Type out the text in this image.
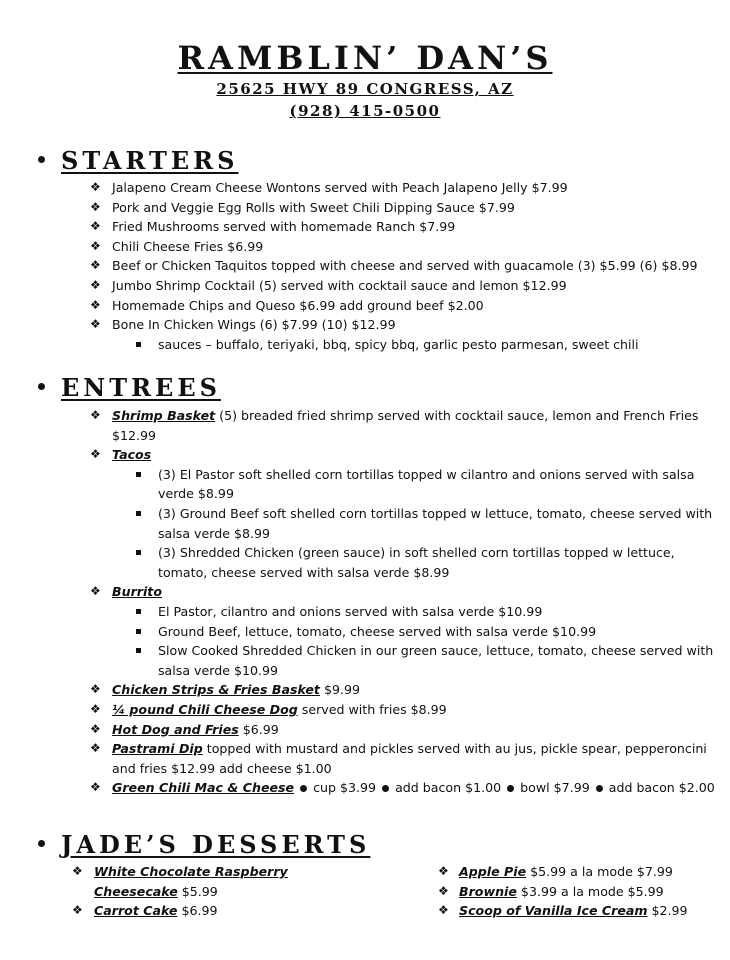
RAMBLIN’ DAN’S
25625 HWY 89 CONGRESS, AZ
(928) 415-0500
STARTERS
❖ Jalapeno Cream Cheese Wontons served with Peach Jalapeno Jelly $7.99
❖ Pork and Veggie Egg Rolls with Sweet Chili Dipping Sauce $7.99
❖ Fried Mushrooms served with homemade Ranch $7.99
❖ Chili Cheese Fries $6.99
❖ Beef or Chicken Taquitos topped with cheese and served with guacamole (3) $5.99 (6) $8.99
❖ Jumbo Shrimp Cocktail (5) served with cocktail sauce and lemon $12.99
❖ Homemade Chips and Queso $6.99 add ground beef $2.00
❖ Bone In Chicken Wings (6) $7.99 (10) $12.99
sauces – buffalo, teriyaki, bbq, spicy bbq, garlic pesto parmesan, sweet chili
ENTREES
❖ Shrimp Basket (5) breaded fried shrimp served with cocktail sauce, lemon and French Fries
$12.99
❖ Tacos
(3) El Pastor soft shelled corn tortillas topped w cilantro and onions served with salsa
verde $8.99
(3) Ground Beef soft shelled corn tortillas topped w lettuce, tomato, cheese served with
salsa verde $8.99
(3) Shredded Chicken (green sauce) in soft shelled corn tortillas topped w lettuce,
tomato, cheese served with salsa verde $8.99
❖ Burrito
El Pastor, cilantro and onions served with salsa verde $10.99
Ground Beef, lettuce, tomato, cheese served with salsa verde $10.99
Slow Cooked Shredded Chicken in our green sauce, lettuce, tomato, cheese served with
salsa verde $10.99
❖ Chicken Strips & Fries Basket $9.99
❖ ¼ pound Chili Cheese Dog served with fries $8.99
❖ Hot Dog and Fries $6.99
❖ Pastrami Dip topped with mustard and pickles served with au jus, pickle spear, pepperoncini
and fries $12.99 add cheese $1.00
❖ Green Chili Mac & Cheese cup $3.99 add bacon $1.00 bowl $7.99 add bacon $2.00
JADE’S DESSERTS
❖ White Chocolate Raspberry
Cheesecake $5.99
❖ Carrot Cake $6.99
❖ Apple Pie $5.99 a la mode $7.99
❖ Brownie $3.99 a la mode $5.99
❖ Scoop of Vanilla Ice Cream $2.99
